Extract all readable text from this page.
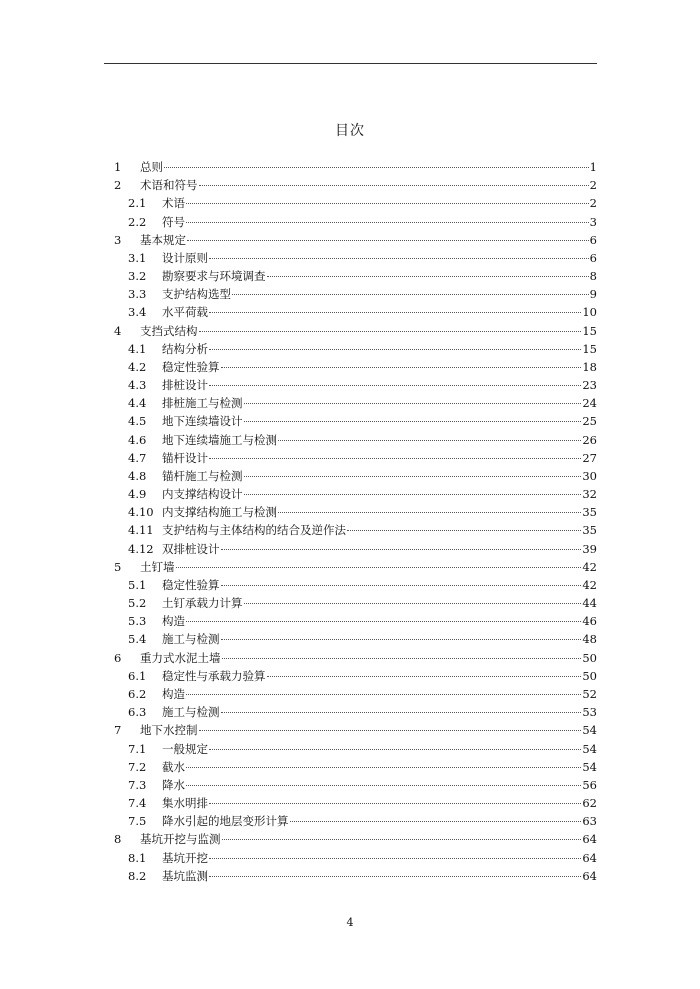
目次
1	总则	1
2	术语和符号	2
2.1	术语	2
2.2	符号	3
3	基本规定	6
3.1	设计原则	6
3.2	勘察要求与环境调查	8
3.3	支护结构选型	9
3.4	水平荷载	10
4	支挡式结构	15
4.1	结构分析	15
4.2	稳定性验算	18
4.3	排桩设计	23
4.4	排桩施工与检测	24
4.5	地下连续墙设计	25
4.6	地下连续墙施工与检测	26
4.7	锚杆设计	27
4.8	锚杆施工与检测	30
4.9	内支撑结构设计	32
4.10 内支撑结构施工与检测	35
4.11 支护结构与主体结构的结合及逆作法	35
4.12 双排桩设计	39
5	土钉墙	42
5.1	稳定性验算	42
5.2	土钉承载力计算	44
5.3	构造	46
5.4	施工与检测	48
6	重力式水泥土墙	50
6.1	稳定性与承载力验算	50
6.2	构造	52
6.3	施工与检测	53
7	地下水控制	54
7.1	一般规定	54
7.2	截水	54
7.3	降水	56
7.4	集水明排	62
7.5	降水引起的地层变形计算	63
8	基坑开挖与监测	64
8.1	基坑开挖	64
8.2	基坑监测	64
4
